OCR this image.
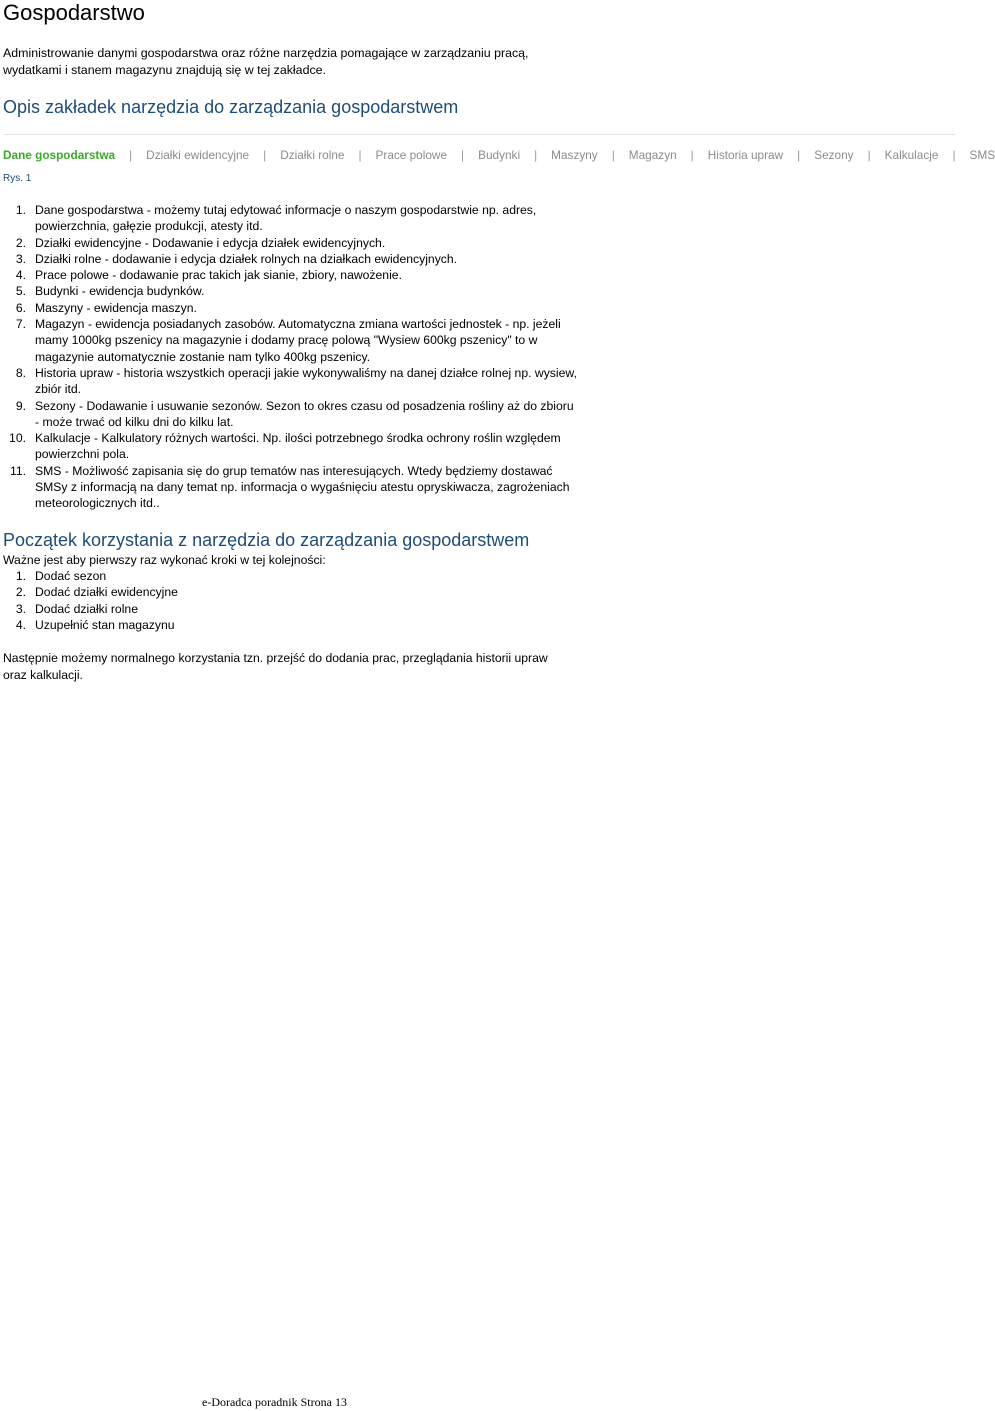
Gospodarstwo

Administrowanie danymi gospodarstwa oraz różne narzędzia pomagające w zarządzaniu pracą, wydatkami i stanem magazynu znajdują się w tej zakładce.

Opis zakładek narzędzia do zarządzania gospodarstwem
Dane gospodarstwa | Działki ewidencyjne | Działki rolne | Prace polowe | Budynki | Maszyny | Magazyn | Historia upraw | Sezony | Kalkulacje | SMS

Rys. 1

1. Dane gospodarstwa - możemy tutaj edytować informacje o naszym gospodarstwie np. adres, powierzchnia, gałęzie produkcji, atesty itd.
2. Działki ewidencyjne - Dodawanie i edycja działek ewidencyjnych.
3. Działki rolne - dodawanie i edycja działek rolnych na działkach ewidencyjnych.
4. Prace polowe - dodawanie prac takich jak sianie, zbiory, nawożenie.
5. Budynki - ewidencja budynków.
6. Maszyny - ewidencja maszyn.
7. Magazyn - ewidencja posiadanych zasobów. Automatyczna zmiana wartości jednostek - np. jeżeli mamy 1000kg pszenicy na magazynie i dodamy pracę polową "Wysiew 600kg pszenicy" to w magazynie automatycznie zostanie nam tylko 400kg pszenicy.
8. Historia upraw - historia wszystkich operacji jakie wykonywaliśmy na danej działce rolnej np. wysiew, zbiór itd.
9. Sezony - Dodawanie i usuwanie sezonów. Sezon to okres czasu od posadzenia rośliny aż do zbioru - może trwać od kilku dni do kilku lat.
10. Kalkulacje - Kalkulatory różnych wartości. Np. ilości potrzebnego środka ochrony roślin względem powierzchni pola.
11. SMS - Możliwość zapisania się do grup tematów nas interesujących. Wtedy będziemy dostawać SMSy z informacją na dany temat np. informacja o wygaśnięciu atestu opryskiwacza, zagrożeniach meteorologicznych itd..
Początek korzystania z narzędzia do zarządzania gospodarstwem

Ważne jest aby pierwszy raz wykonać kroki w tej kolejności:

1. Dodać sezon
2. Dodać działki ewidencyjne
3. Dodać działki rolne
4. Uzupełnić stan magazynu

Następnie możemy normalnego korzystania tzn. przejść do dodania prac, przeglądania historii upraw oraz kalkulacji.

e-Doradca poradnik Strona 13
